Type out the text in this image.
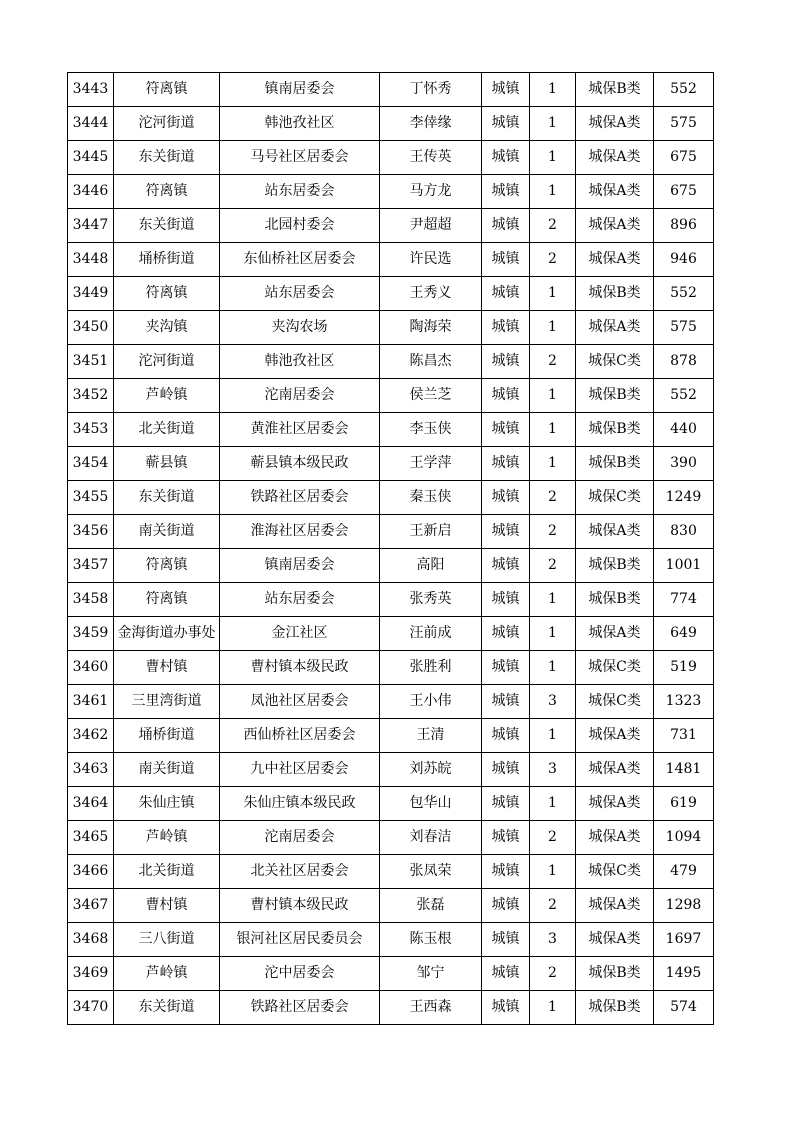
3443	符离镇	镇南居委会	丁怀秀	城镇	1	城保B类	552
3444	沱河街道	韩池孜社区	李倖缘	城镇	1	城保A类	575
3445	东关街道	马号社区居委会	王传英	城镇	1	城保A类	675
3446	符离镇	站东居委会	马方龙	城镇	1	城保A类	675
3447	东关街道	北园村委会	尹超超	城镇	2	城保A类	896
3448	埇桥街道	东仙桥社区居委会	许民选	城镇	2	城保A类	946
3449	符离镇	站东居委会	王秀义	城镇	1	城保B类	552
3450	夹沟镇	夹沟农场	陶海荣	城镇	1	城保A类	575
3451	沱河街道	韩池孜社区	陈昌杰	城镇	2	城保C类	878
3452	芦岭镇	沱南居委会	侯兰芝	城镇	1	城保B类	552
3453	北关街道	黄淮社区居委会	李玉侠	城镇	1	城保B类	440
3454	蕲县镇	蕲县镇本级民政	王学萍	城镇	1	城保B类	390
3455	东关街道	铁路社区居委会	秦玉侠	城镇	2	城保C类	1249
3456	南关街道	淮海社区居委会	王新启	城镇	2	城保A类	830
3457	符离镇	镇南居委会	高阳	城镇	2	城保B类	1001
3458	符离镇	站东居委会	张秀英	城镇	1	城保B类	774
3459	金海街道办事处	金江社区	汪前成	城镇	1	城保A类	649
3460	曹村镇	曹村镇本级民政	张胜利	城镇	1	城保C类	519
3461	三里湾街道	凤池社区居委会	王小伟	城镇	3	城保C类	1323
3462	埇桥街道	西仙桥社区居委会	王清	城镇	1	城保A类	731
3463	南关街道	九中社区居委会	刘苏皖	城镇	3	城保A类	1481
3464	朱仙庄镇	朱仙庄镇本级民政	包华山	城镇	1	城保A类	619
3465	芦岭镇	沱南居委会	刘春洁	城镇	2	城保A类	1094
3466	北关街道	北关社区居委会	张凤荣	城镇	1	城保C类	479
3467	曹村镇	曹村镇本级民政	张磊	城镇	2	城保A类	1298
3468	三八街道	银河社区居民委员会	陈玉根	城镇	3	城保A类	1697
3469	芦岭镇	沱中居委会	邹宁	城镇	2	城保B类	1495
3470	东关街道	铁路社区居委会	王西森	城镇	1	城保B类	574
